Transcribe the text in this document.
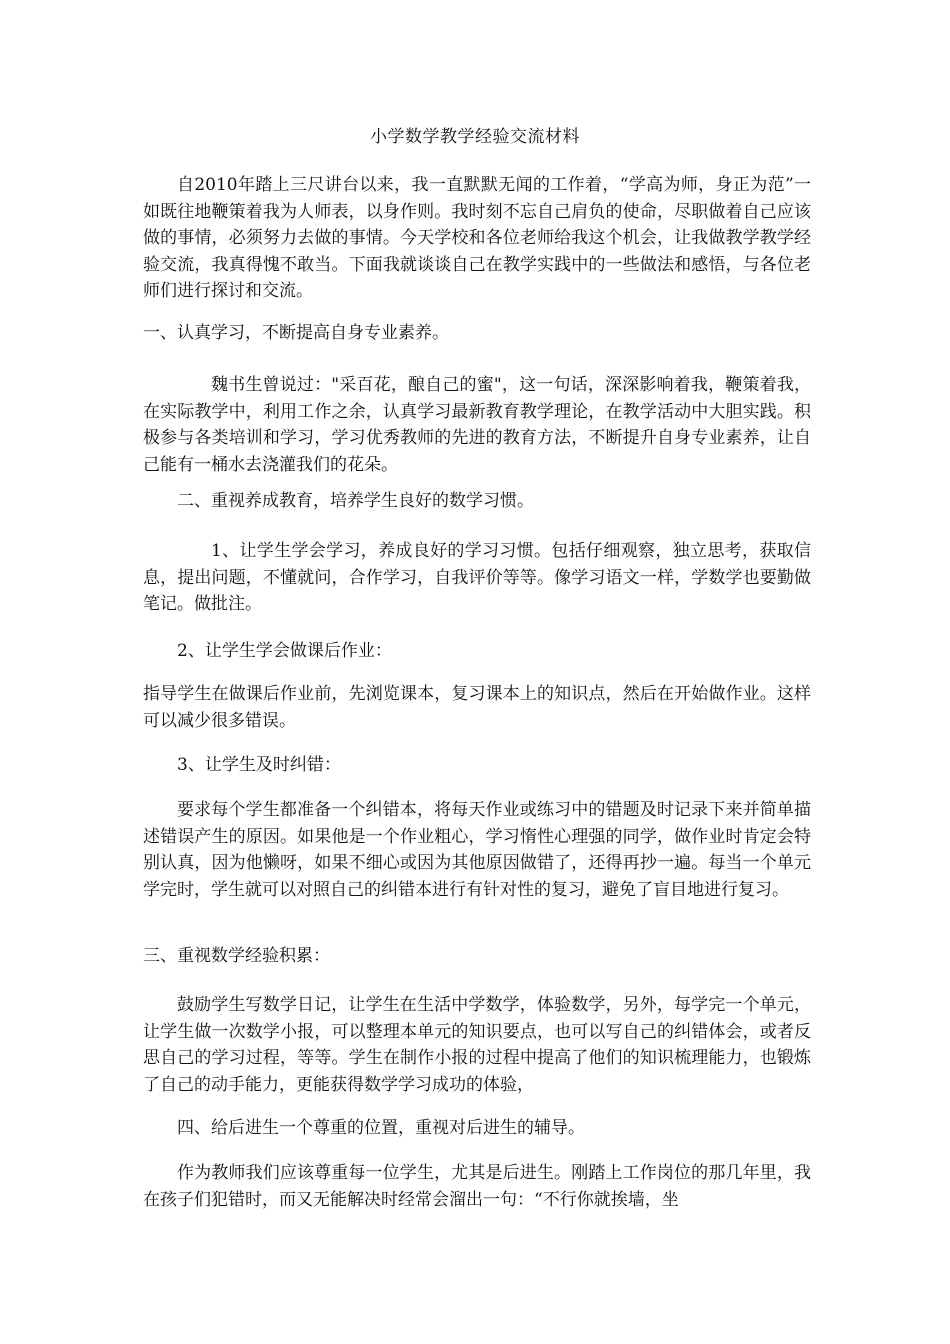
小学数学教学经验交流材料

自2010年踏上三尺讲台以来，我一直默默无闻的工作着，“学高为师，身正为范”一如既往地鞭策着我为人师表，以身作则。我时刻不忘自己肩负的使命，尽职做着自己应该做的事情，必须努力去做的事情。今天学校和各位老师给我这个机会，让我做教学教学经验交流，我真得愧不敢当。下面我就谈谈自己在教学实践中的一些做法和感悟，与各位老师们进行探讨和交流。

一、认真学习，不断提高自身专业素养。

魏书生曾说过："采百花，酿自己的蜜"，这一句话，深深影响着我，鞭策着我，在实际教学中，利用工作之余，认真学习最新教育教学理论，在教学活动中大胆实践。积极参与各类培训和学习，学习优秀教师的先进的教育方法，不断提升自身专业素养，让自己能有一桶水去浇灌我们的花朵。

二、重视养成教育，培养学生良好的数学习惯。

1、让学生学会学习，养成良好的学习习惯。包括仔细观察，独立思考，获取信息，提出问题，不懂就问，合作学习，自我评价等等。像学习语文一样，学数学也要勤做笔记。做批注。

2、让学生学会做课后作业：

指导学生在做课后作业前，先浏览课本，复习课本上的知识点，然后在开始做作业。这样可以减少很多错误。

3、让学生及时纠错：

要求每个学生都准备一个纠错本，将每天作业或练习中的错题及时记录下来并简单描述错误产生的原因。如果他是一个作业粗心，学习惰性心理强的同学，做作业时肯定会特别认真，因为他懒呀，如果不细心或因为其他原因做错了，还得再抄一遍。每当一个单元学完时，学生就可以对照自己的纠错本进行有针对性的复习，避免了盲目地进行复习。

三、重视数学经验积累：

鼓励学生写数学日记，让学生在生活中学数学，体验数学，另外，每学完一个单元，让学生做一次数学小报，可以整理本单元的知识要点，也可以写自己的纠错体会，或者反思自己的学习过程，等等。学生在制作小报的过程中提高了他们的知识梳理能力，也锻炼了自己的动手能力，更能获得数学学习成功的体验，

四、给后进生一个尊重的位置，重视对后进生的辅导。

作为教师我们应该尊重每一位学生，尤其是后进生。刚踏上工作岗位的那几年里，我在孩子们犯错时，而又无能解决时经常会溜出一句：“不行你就挨墙，坐
